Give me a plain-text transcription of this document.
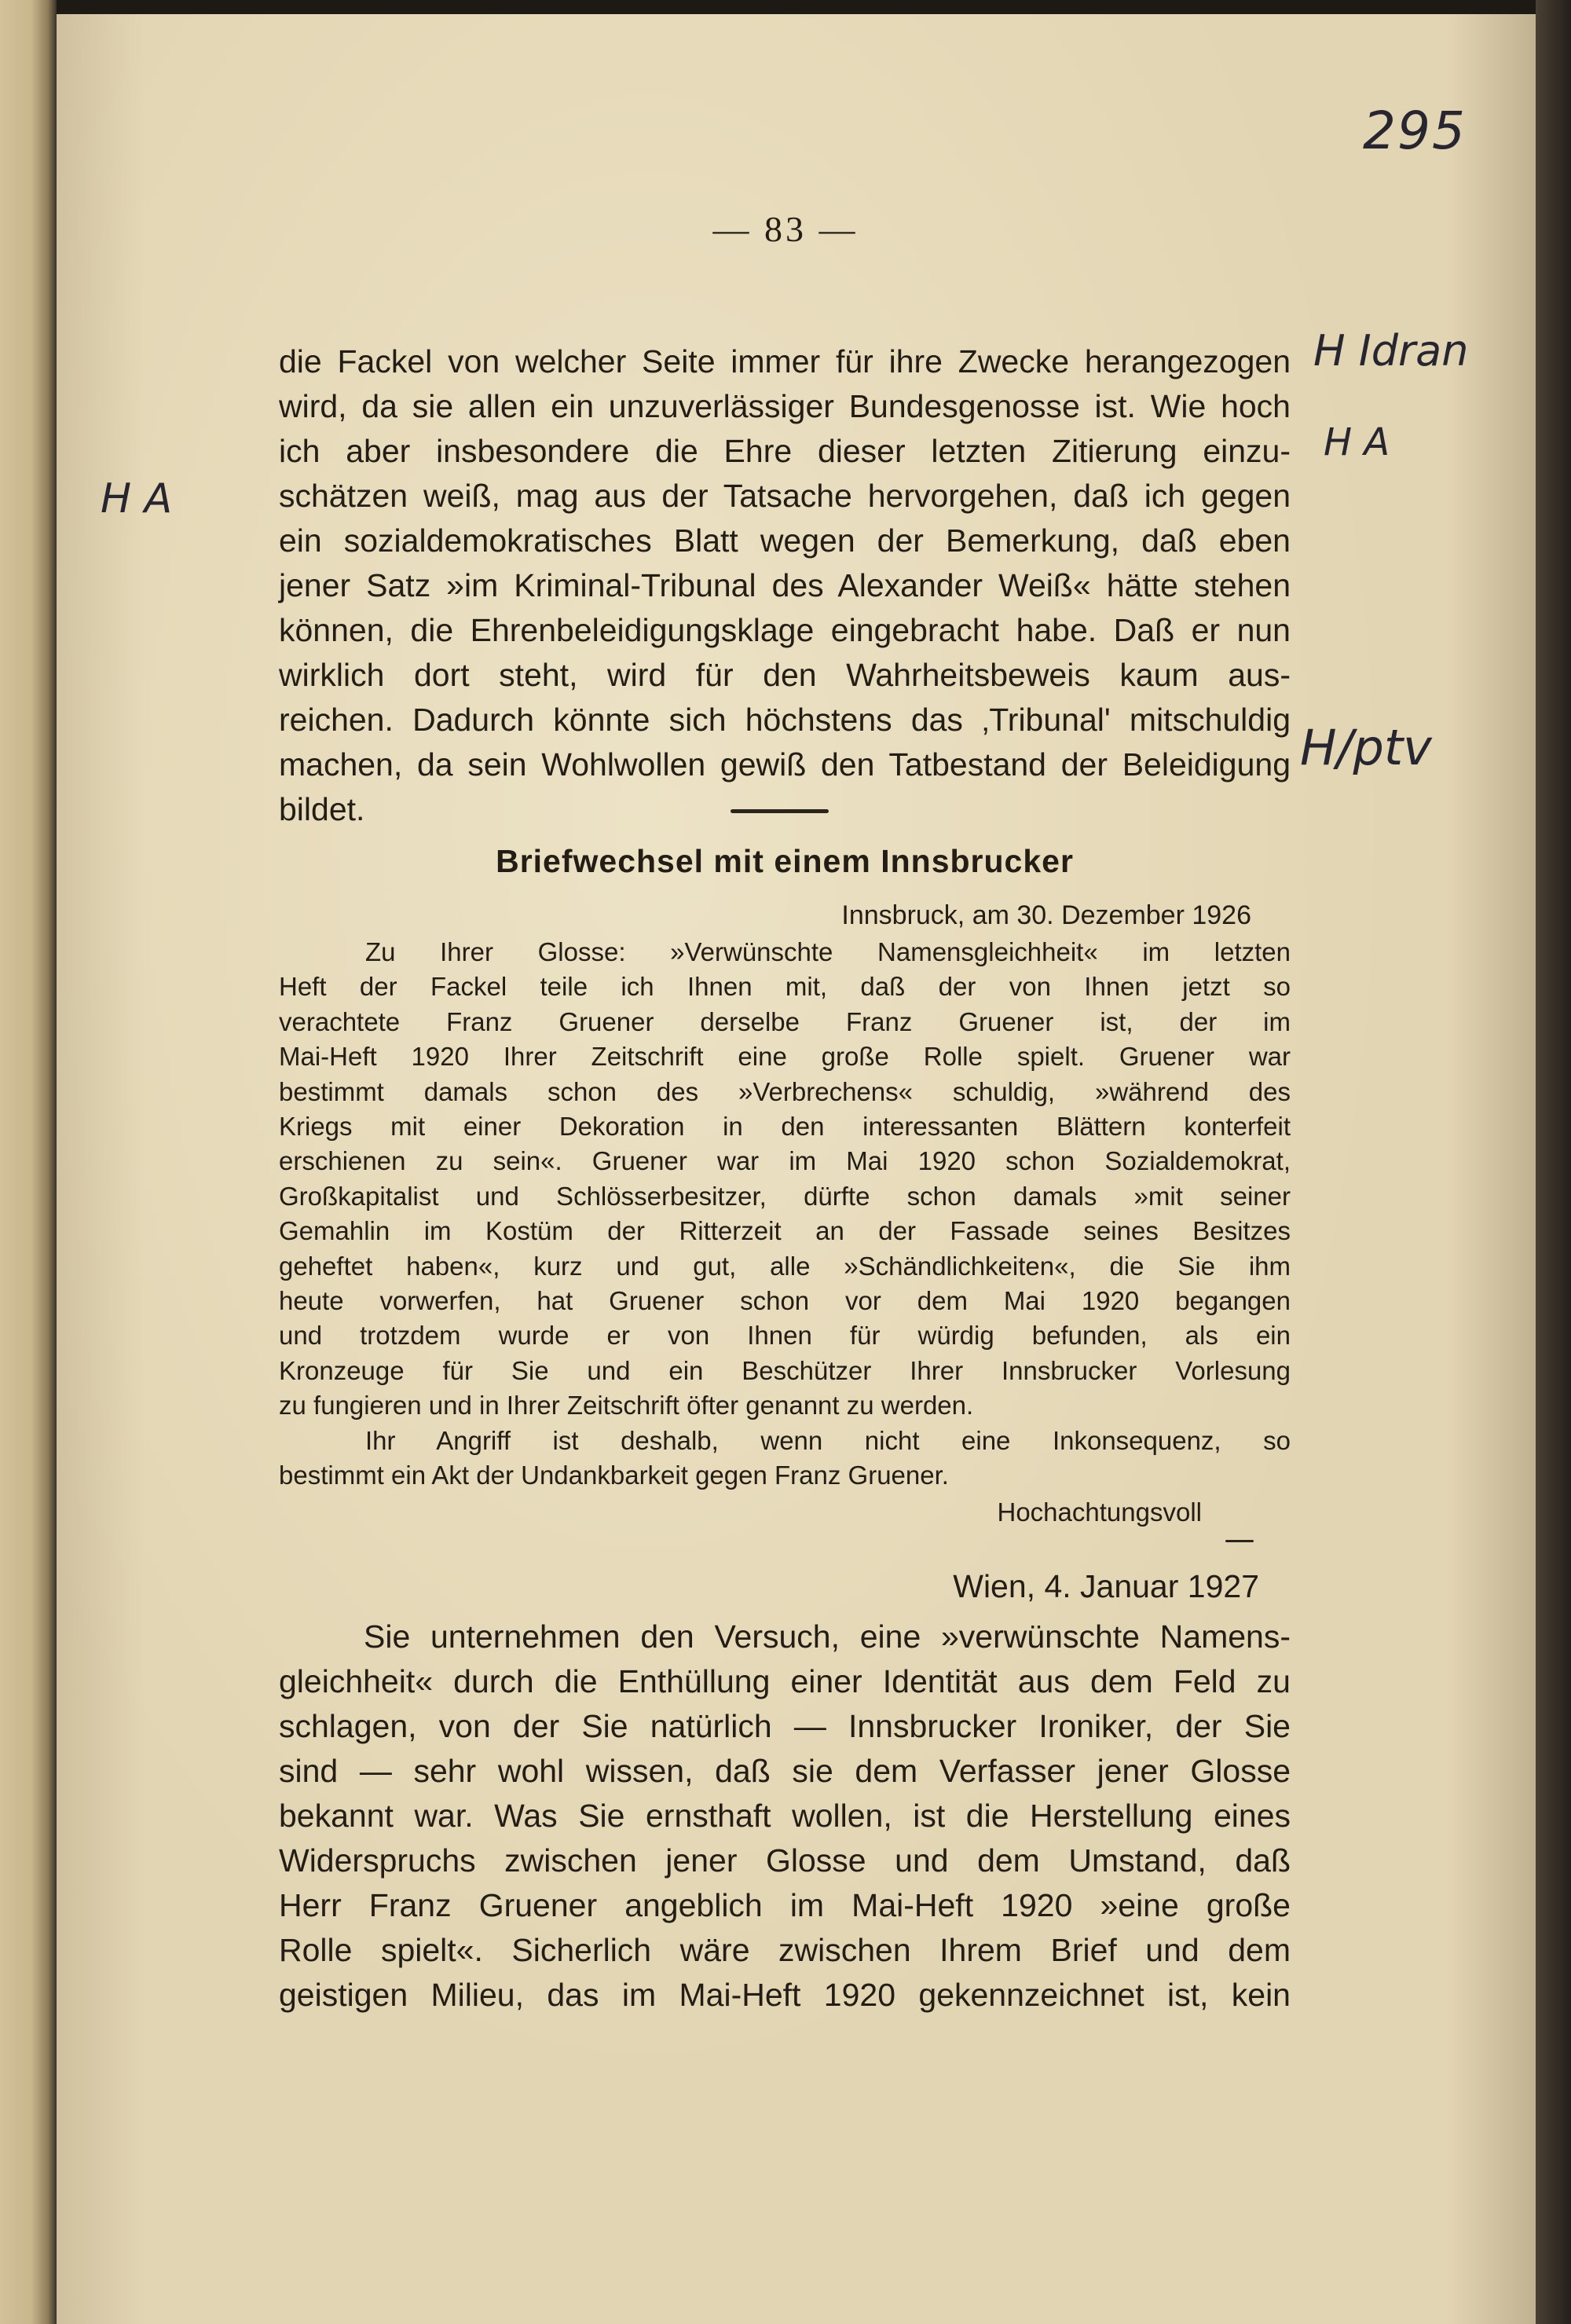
295
H Idran
H A
H A
H/ptv
— 83 —
die Fackel von welcher Seite immer für ihre Zwecke herangezogen
wird, da sie allen ein unzuverlässiger Bundesgenosse ist. Wie hoch
ich aber insbesondere die Ehre dieser letzten Zitierung einzu-
schätzen weiß, mag aus der Tatsache hervorgehen, daß ich gegen
ein sozialdemokratisches Blatt wegen der Bemerkung, daß eben
jener Satz »im Kriminal-Tribunal des Alexander Weiß« hätte stehen
können, die Ehrenbeleidigungsklage eingebracht habe. Daß er nun
wirklich dort steht, wird für den Wahrheitsbeweis kaum aus-
reichen. Dadurch könnte sich höchstens das ‚Tribunal' mitschuldig
machen, da sein Wohlwollen gewiß den Tatbestand der Beleidigung
bildet.
Briefwechsel mit einem Innsbrucker
Innsbruck, am 30. Dezember 1926
Zu Ihrer Glosse: »Verwünschte Namensgleichheit« im letzten
Heft der Fackel teile ich Ihnen mit, daß der von Ihnen jetzt so
verachtete Franz Gruener derselbe Franz Gruener ist, der im
Mai-Heft 1920 Ihrer Zeitschrift eine große Rolle spielt. Gruener war
bestimmt damals schon des »Verbrechens« schuldig, »während des
Kriegs mit einer Dekoration in den interessanten Blättern konterfeit
erschienen zu sein«. Gruener war im Mai 1920 schon Sozialdemokrat,
Großkapitalist und Schlösserbesitzer, dürfte schon damals »mit seiner
Gemahlin im Kostüm der Ritterzeit an der Fassade seines Besitzes
geheftet haben«, kurz und gut, alle »Schändlichkeiten«, die Sie ihm
heute vorwerfen, hat Gruener schon vor dem Mai 1920 begangen
und trotzdem wurde er von Ihnen für würdig befunden, als ein
Kronzeuge für Sie und ein Beschützer Ihrer Innsbrucker Vorlesung
zu fungieren und in Ihrer Zeitschrift öfter genannt zu werden.
Ihr Angriff ist deshalb, wenn nicht eine Inkonsequenz, so
bestimmt ein Akt der Undankbarkeit gegen Franz Gruener.
Hochachtungsvoll
Wien, 4. Januar 1927
Sie unternehmen den Versuch, eine »verwünschte Namens-
gleichheit« durch die Enthüllung einer Identität aus dem Feld zu
schlagen, von der Sie natürlich — Innsbrucker Ironiker, der Sie
sind — sehr wohl wissen, daß sie dem Verfasser jener Glosse
bekannt war. Was Sie ernsthaft wollen, ist die Herstellung eines
Widerspruchs zwischen jener Glosse und dem Umstand, daß
Herr Franz Gruener angeblich im Mai-Heft 1920 »eine große
Rolle spielt«. Sicherlich wäre zwischen Ihrem Brief und dem
geistigen Milieu, das im Mai-Heft 1920 gekennzeichnet ist, kein
